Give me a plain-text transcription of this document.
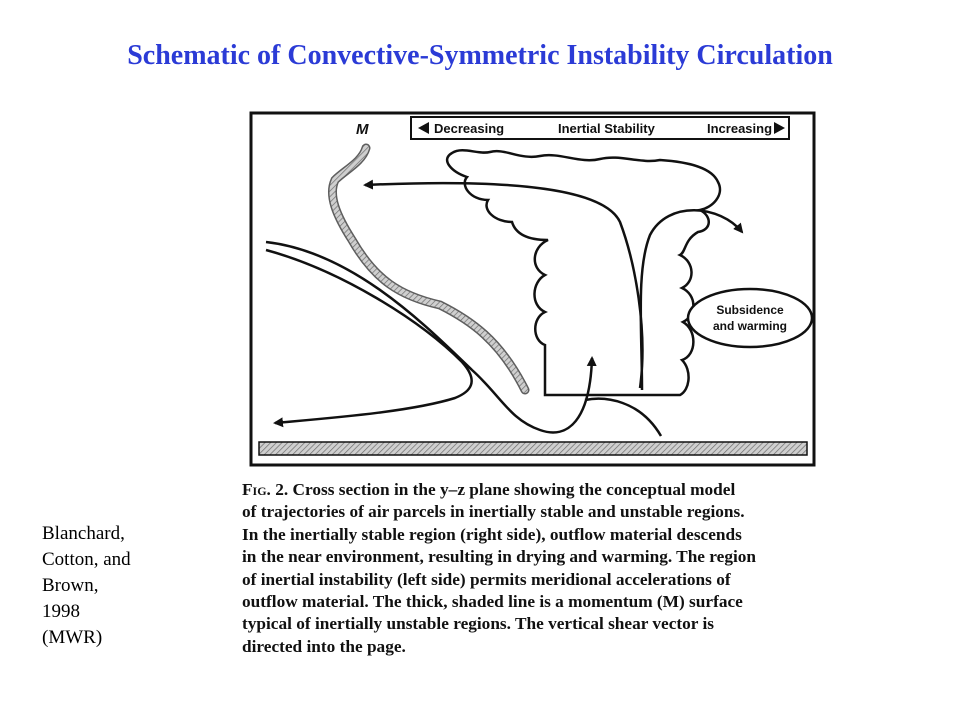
Schematic of Convective-Symmetric Instability Circulation
Decreasing	Inertial Stability	Increasing
M
Subsidence
and warming
Fig. 2. Cross section in the y–z plane showing the conceptual model
of trajectories of air parcels in inertially stable and unstable regions.
In the inertially stable region (right side), outflow material descends
in the near environment, resulting in drying and warming. The region
of inertial instability (left side) permits meridional accelerations of
outflow material. The thick, shaded line is a momentum (M) surface
typical of inertially unstable regions. The vertical shear vector is
directed into the page.
Blanchard,
Cotton, and
Brown,
1998
(MWR)
